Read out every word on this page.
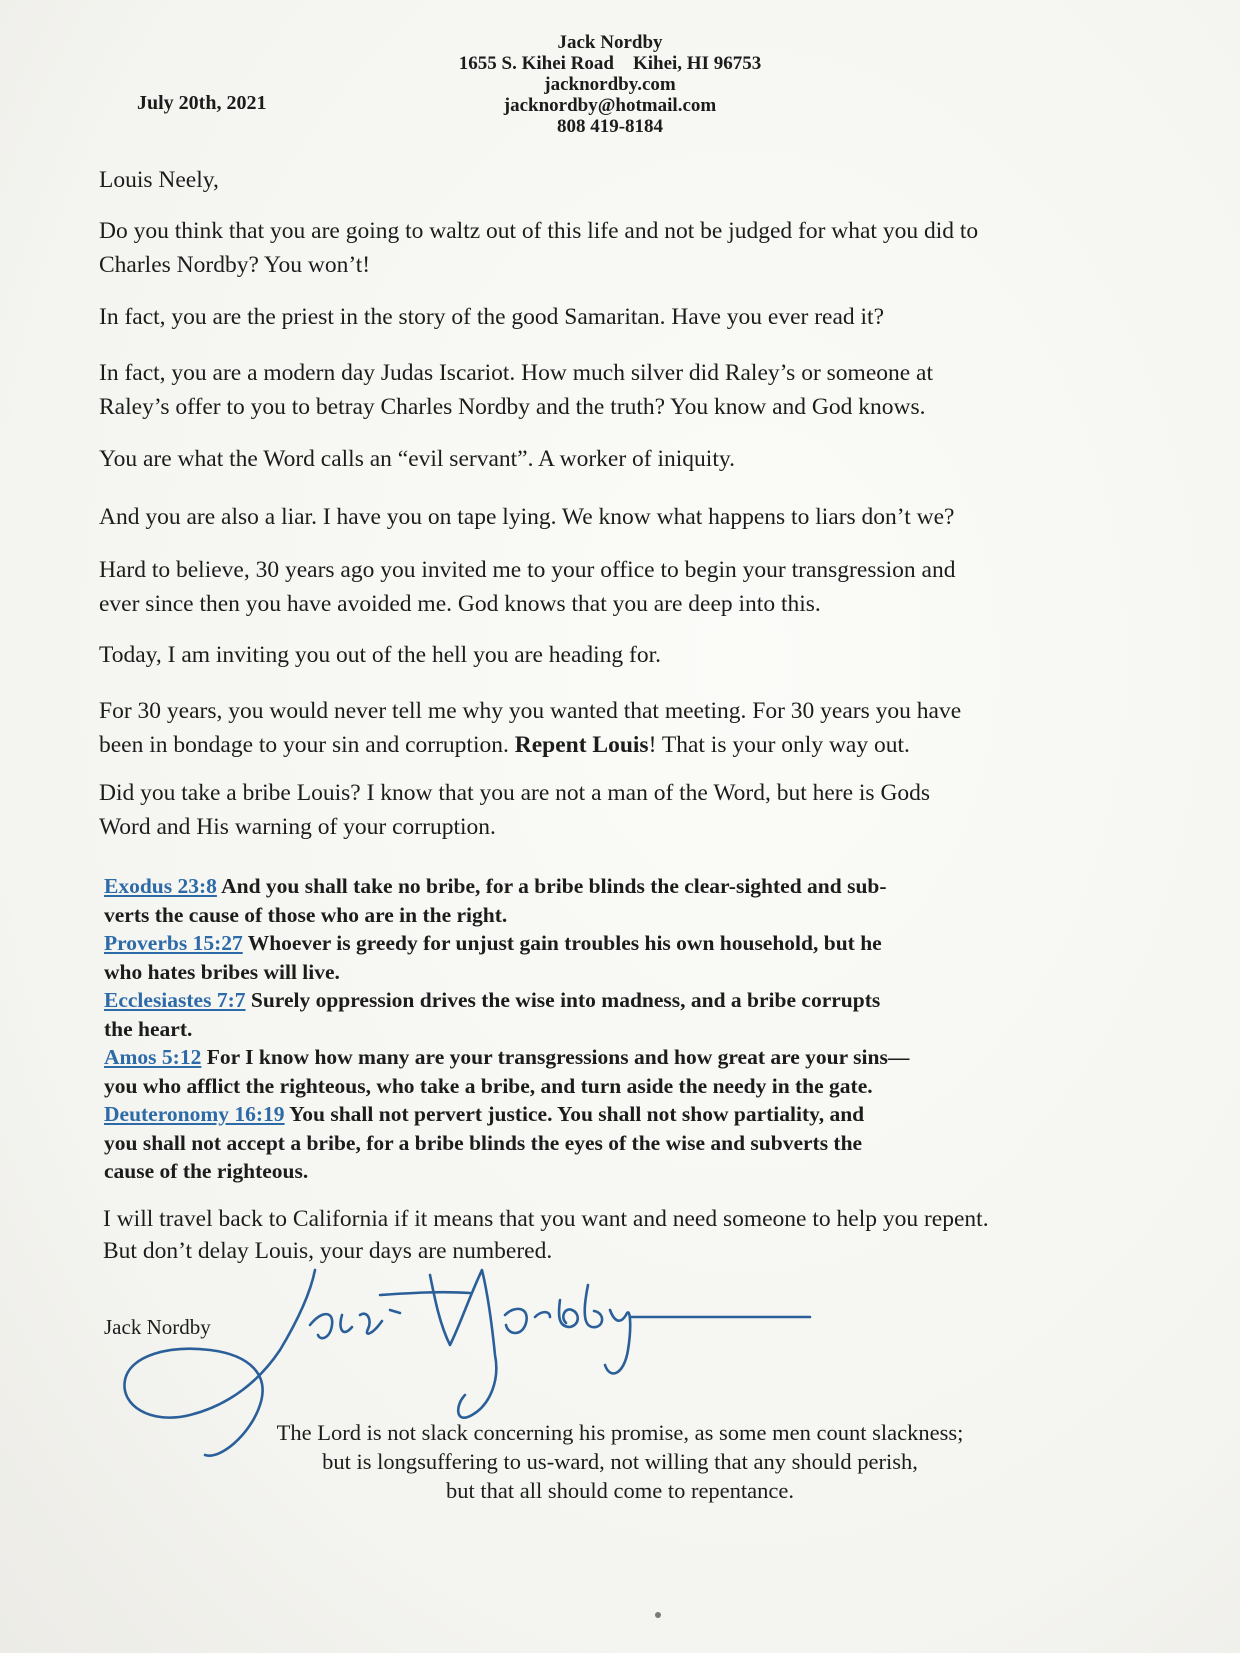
Jack Nordby
1655 S. Kihei Road    Kihei, HI 96753
jacknordby.com
jacknordby@hotmail.com
808 419-8184
July 20th, 2021
Louis Neely,
Do you think that you are going to waltz out of this life and not be judged for what you did to
Charles Nordby? You won’t!
In fact, you are the priest in the story of the good Samaritan. Have you ever read it?
In fact, you are a modern day Judas Iscariot. How much silver did Raley’s or someone at
Raley’s offer to you to betray Charles Nordby and the truth? You know and God knows.
You are what the Word calls an “evil servant”. A worker of iniquity.
And you are also a liar. I have you on tape lying. We know what happens to liars don’t we?
Hard to believe, 30 years ago you invited me to your office to begin your transgression and
ever since then you have avoided me. God knows that you are deep into this.
Today, I am inviting you out of the hell you are heading for.
For 30 years, you would never tell me why you wanted that meeting. For 30 years you have
been in bondage to your sin and corruption. Repent Louis! That is your only way out.
Did you take a bribe Louis? I know that you are not a man of the Word, but here is Gods
Word and His warning of your corruption.
Exodus 23:8 And you shall take no bribe, for a bribe blinds the clear-sighted and sub-
verts the cause of those who are in the right.
Proverbs 15:27 Whoever is greedy for unjust gain troubles his own household, but he
who hates bribes will live.
Ecclesiastes 7:7 Surely oppression drives the wise into madness, and a bribe corrupts
the heart.
Amos 5:12 For I know how many are your transgressions and how great are your sins—
you who afflict the righteous, who take a bribe, and turn aside the needy in the gate.
Deuteronomy 16:19 You shall not pervert justice. You shall not show partiality, and
you shall not accept a bribe, for a bribe blinds the eyes of the wise and subverts the
cause of the righteous.
I will travel back to California if it means that you want and need someone to help you repent.
But don’t delay Louis, your days are numbered.
Jack Nordby
The Lord is not slack concerning his promise, as some men count slackness;
but is longsuffering to us-ward, not willing that any should perish,
but that all should come to repentance.
